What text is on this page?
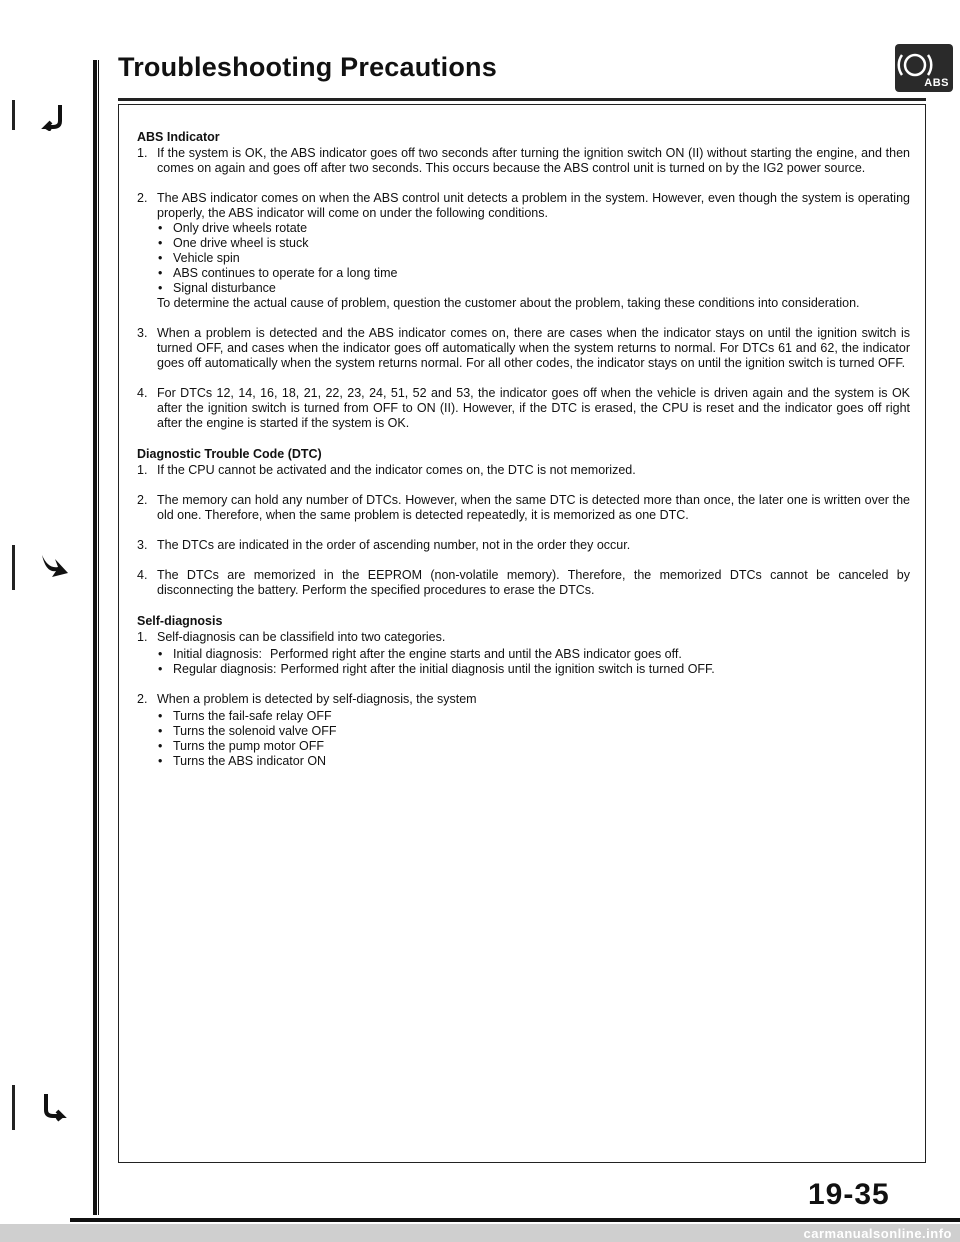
Troubleshooting Precautions
ABS
ABS Indicator
1. If the system is OK, the ABS indicator goes off two seconds after turning the ignition switch ON (II) without starting the engine, and then comes on again and goes off after two seconds. This occurs because the ABS control unit is turned on by the IG2 power source.
2. The ABS indicator comes on when the ABS control unit detects a problem in the system. However, even though the system is operating properly, the ABS indicator will come on under the following conditions.
• Only drive wheels rotate
• One drive wheel is stuck
• Vehicle spin
• ABS continues to operate for a long time
• Signal disturbance
To determine the actual cause of problem, question the customer about the problem, taking these conditions into consideration.
3. When a problem is detected and the ABS indicator comes on, there are cases when the indicator stays on until the ignition switch is turned OFF, and cases when the indicator goes off automatically when the system returns to normal. For DTCs 61 and 62, the indicator goes off automatically when the system returns normal. For all other codes, the indicator stays on until the ignition switch is turned OFF.
4. For DTCs 12, 14, 16, 18, 21, 22, 23, 24, 51, 52 and 53, the indicator goes off when the vehicle is driven again and the system is OK after the ignition switch is turned from OFF to ON (II). However, if the DTC is erased, the CPU is reset and the indicator goes off right after the engine is started if the system is OK.
Diagnostic Trouble Code (DTC)
1. If the CPU cannot be activated and the indicator comes on, the DTC is not memorized.
2. The memory can hold any number of DTCs. However, when the same DTC is detected more than once, the later one is written over the old one. Therefore, when the same problem is detected repeatedly, it is memorized as one DTC.
3. The DTCs are indicated in the order of ascending number, not in the order they occur.
4. The DTCs are memorized in the EEPROM (non-volatile memory). Therefore, the memorized DTCs cannot be canceled by disconnecting the battery. Perform the specified procedures to erase the DTCs.
Self-diagnosis
1. Self-diagnosis can be classifield into two categories.
• Initial diagnosis: Performed right after the engine starts and until the ABS indicator goes off.
• Regular diagnosis: Performed right after the initial diagnosis until the ignition switch is turned OFF.
2. When a problem is detected by self-diagnosis, the system
• Turns the fail-safe relay OFF
• Turns the solenoid valve OFF
• Turns the pump motor OFF
• Turns the ABS indicator ON
19-35
carmanualsonline.info
